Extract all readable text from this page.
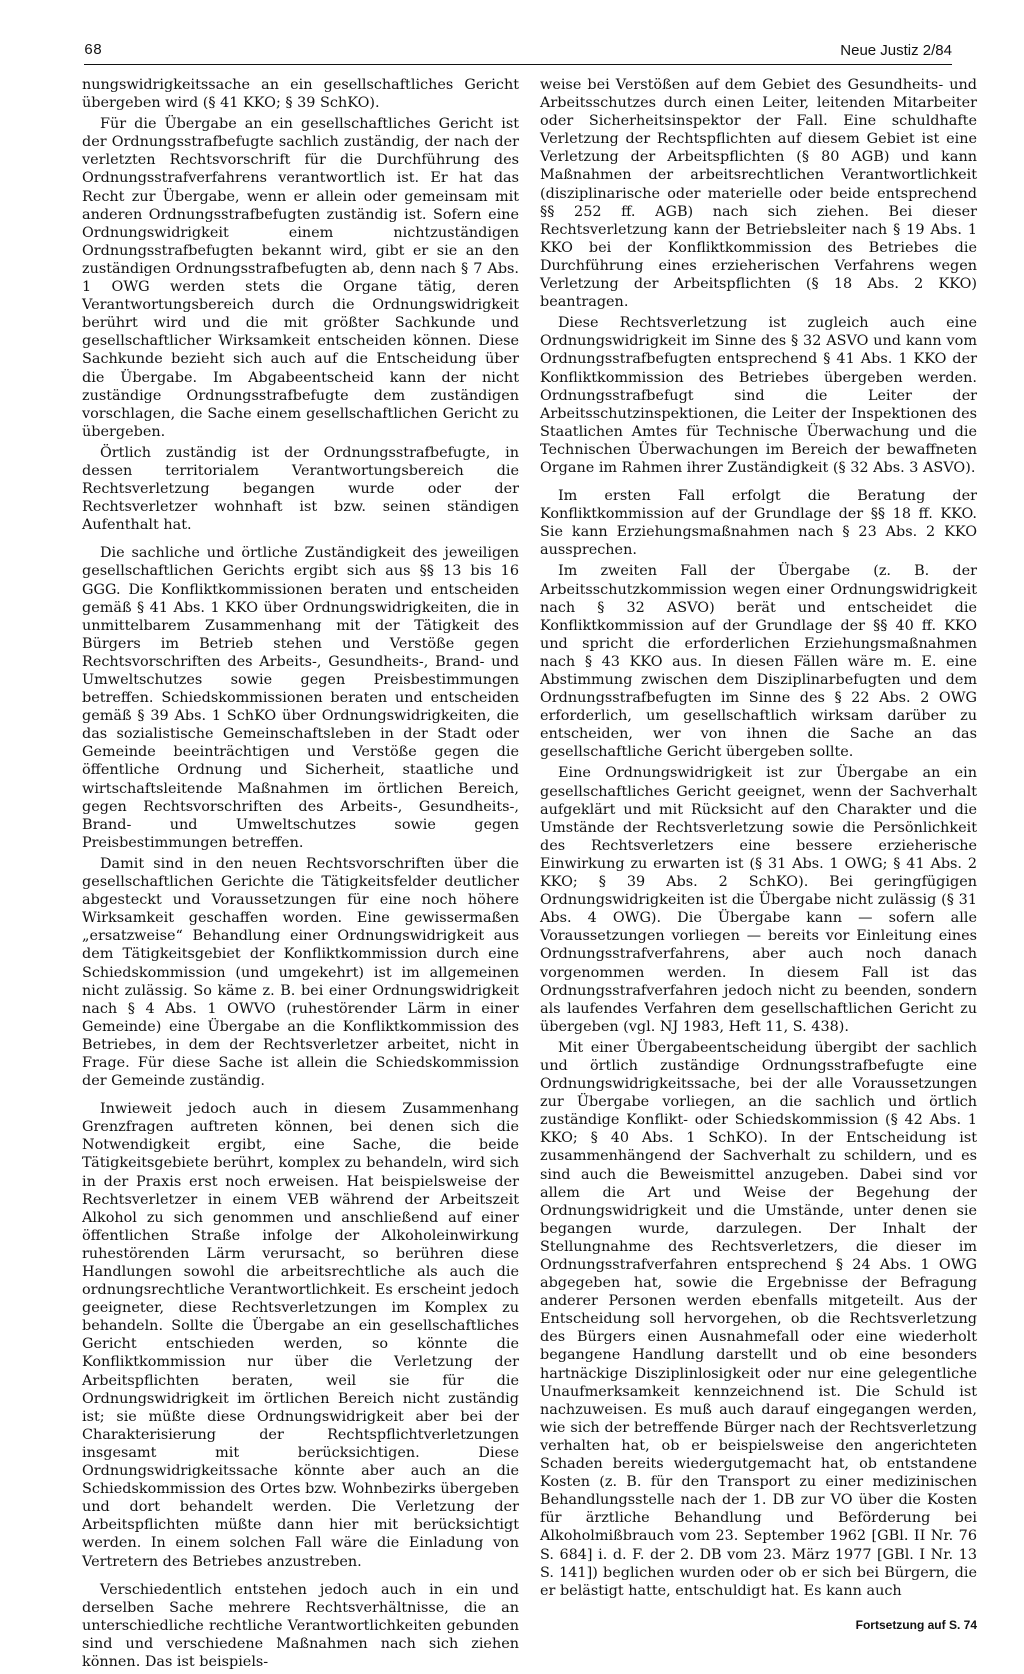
68	Neue Justiz 2/84

nungswidrigkeitssache an ein gesellschaftliches Gericht übergeben wird (§ 41 KKO; § 39 SchKO).

Für die Übergabe an ein gesellschaftliches Gericht ist der Ordnungsstrafbefugte sachlich zuständig, der nach der verletzten Rechtsvorschrift für die Durchführung des Ordnungsstrafverfahrens verantwortlich ist. Er hat das Recht zur Übergabe, wenn er allein oder gemeinsam mit anderen Ordnungsstrafbefugten zuständig ist. Sofern eine Ordnungswidrigkeit einem nichtzuständigen Ordnungsstrafbefugten bekannt wird, gibt er sie an den zuständigen Ordnungsstrafbefugten ab, denn nach § 7 Abs. 1 OWG werden stets die Organe tätig, deren Verantwortungsbereich durch die Ordnungswidrigkeit berührt wird und die mit größter Sachkunde und gesellschaftlicher Wirksamkeit entscheiden können. Diese Sachkunde bezieht sich auch auf die Entscheidung über die Übergabe. Im Abgabeentscheid kann der nicht zuständige Ordnungsstrafbefugte dem zuständigen vorschlagen, die Sache einem gesellschaftlichen Gericht zu übergeben.

Örtlich zuständig ist der Ordnungsstrafbefugte, in dessen territorialem Verantwortungsbereich die Rechtsverletzung begangen wurde oder der Rechtsverletzer wohnhaft ist bzw. seinen ständigen Aufenthalt hat.

Die sachliche und örtliche Zuständigkeit des jeweiligen gesellschaftlichen Gerichts ergibt sich aus §§ 13 bis 16 GGG. Die Konfliktkommissionen beraten und entscheiden gemäß § 41 Abs. 1 KKO über Ordnungswidrigkeiten, die in unmittelbarem Zusammenhang mit der Tätigkeit des Bürgers im Betrieb stehen und Verstöße gegen Rechtsvorschriften des Arbeits-, Gesundheits-, Brand- und Umweltschutzes sowie gegen Preisbestimmungen betreffen. Schiedskommissionen beraten und entscheiden gemäß § 39 Abs. 1 SchKO über Ordnungswidrigkeiten, die das sozialistische Gemeinschaftsleben in der Stadt oder Gemeinde beeinträchtigen und Verstöße gegen die öffentliche Ordnung und Sicherheit, staatliche und wirtschaftsleitende Maßnahmen im örtlichen Bereich, gegen Rechtsvorschriften des Arbeits-, Gesundheits-, Brand- und Umweltschutzes sowie gegen Preisbestimmungen betreffen.

Damit sind in den neuen Rechtsvorschriften über die gesellschaftlichen Gerichte die Tätigkeitsfelder deutlicher abgesteckt und Voraussetzungen für eine noch höhere Wirksamkeit geschaffen worden. Eine gewissermaßen „ersatzweise“ Behandlung einer Ordnungswidrigkeit aus dem Tätigkeitsgebiet der Konfliktkommission durch eine Schiedskommission (und umgekehrt) ist im allgemeinen nicht zulässig. So käme z. B. bei einer Ordnungswidrigkeit nach § 4 Abs. 1 OWVO (ruhestörender Lärm in einer Gemeinde) eine Übergabe an die Konfliktkommission des Betriebes, in dem der Rechtsverletzer arbeitet, nicht in Frage. Für diese Sache ist allein die Schiedskommission der Gemeinde zuständig.

Inwieweit jedoch auch in diesem Zusammenhang Grenzfragen auftreten können, bei denen sich die Notwendigkeit ergibt, eine Sache, die beide Tätigkeitsgebiete berührt, komplex zu behandeln, wird sich in der Praxis erst noch erweisen. Hat beispielsweise der Rechtsverletzer in einem VEB während der Arbeitszeit Alkohol zu sich genommen und anschließend auf einer öffentlichen Straße infolge der Alkoholeinwirkung ruhestörenden Lärm verursacht, so berühren diese Handlungen sowohl die arbeitsrechtliche als auch die ordnungsrechtliche Verantwortlichkeit. Es erscheint jedoch geeigneter, diese Rechtsverletzungen im Komplex zu behandeln. Sollte die Übergabe an ein gesellschaftliches Gericht entschieden werden, so könnte die Konfliktkommission nur über die Verletzung der Arbeitspflichten beraten, weil sie für die Ordnungswidrigkeit im örtlichen Bereich nicht zuständig ist; sie müßte diese Ordnungswidrigkeit aber bei der Charakterisierung der Rechtspflichtverletzungen insgesamt mit berücksichtigen. Diese Ordnungswidrigkeitssache könnte aber auch an die Schiedskommission des Ortes bzw. Wohnbezirks übergeben und dort behandelt werden. Die Verletzung der Arbeitspflichten müßte dann hier mit berücksichtigt werden. In einem solchen Fall wäre die Einladung von Vertretern des Betriebes anzustreben.

Verschiedentlich entstehen jedoch auch in ein und derselben Sache mehrere Rechtsverhältnisse, die an unterschiedliche rechtliche Verantwortlichkeiten gebunden sind und verschiedene Maßnahmen nach sich ziehen können. Das ist beispiels-

weise bei Verstößen auf dem Gebiet des Gesundheits- und Arbeitsschutzes durch einen Leiter, leitenden Mitarbeiter oder Sicherheitsinspektor der Fall. Eine schuldhafte Verletzung der Rechtspflichten auf diesem Gebiet ist eine Verletzung der Arbeitspflichten (§ 80 AGB) und kann Maßnahmen der arbeitsrechtlichen Verantwortlichkeit (disziplinarische oder materielle oder beide entsprechend §§ 252 ff. AGB) nach sich ziehen. Bei dieser Rechtsverletzung kann der Betriebsleiter nach § 19 Abs. 1 KKO bei der Konfliktkommission des Betriebes die Durchführung eines erzieherischen Verfahrens wegen Verletzung der Arbeitspflichten (§ 18 Abs. 2 KKO) beantragen.

Diese Rechtsverletzung ist zugleich auch eine Ordnungswidrigkeit im Sinne des § 32 ASVO und kann vom Ordnungsstrafbefugten entsprechend § 41 Abs. 1 KKO der Konfliktkommission des Betriebes übergeben werden. Ordnungsstrafbefugt sind die Leiter der Arbeitsschutzinspektionen, die Leiter der Inspektionen des Staatlichen Amtes für Technische Überwachung und die Technischen Überwachungen im Bereich der bewaffneten Organe im Rahmen ihrer Zuständigkeit (§ 32 Abs. 3 ASVO).

Im ersten Fall erfolgt die Beratung der Konfliktkommission auf der Grundlage der §§ 18 ff. KKO. Sie kann Erziehungsmaßnahmen nach § 23 Abs. 2 KKO aussprechen.

Im zweiten Fall der Übergabe (z. B. der Arbeitsschutzkommission wegen einer Ordnungswidrigkeit nach § 32 ASVO) berät und entscheidet die Konfliktkommission auf der Grundlage der §§ 40 ff. KKO und spricht die erforderlichen Erziehungsmaßnahmen nach § 43 KKO aus. In diesen Fällen wäre m. E. eine Abstimmung zwischen dem Disziplinarbefugten und dem Ordnungsstrafbefugten im Sinne des § 22 Abs. 2 OWG erforderlich, um gesellschaftlich wirksam darüber zu entscheiden, wer von ihnen die Sache an das gesellschaftliche Gericht übergeben sollte.

Eine Ordnungswidrigkeit ist zur Übergabe an ein gesellschaftliches Gericht geeignet, wenn der Sachverhalt aufgeklärt und mit Rücksicht auf den Charakter und die Umstände der Rechtsverletzung sowie die Persönlichkeit des Rechtsverletzers eine bessere erzieherische Einwirkung zu erwarten ist (§ 31 Abs. 1 OWG; § 41 Abs. 2 KKO; § 39 Abs. 2 SchKO). Bei geringfügigen Ordnungswidrigkeiten ist die Übergabe nicht zulässig (§ 31 Abs. 4 OWG). Die Übergabe kann — sofern alle Voraussetzungen vorliegen — bereits vor Einleitung eines Ordnungsstrafverfahrens, aber auch noch danach vorgenommen werden. In diesem Fall ist das Ordnungsstrafverfahren jedoch nicht zu beenden, sondern als laufendes Verfahren dem gesellschaftlichen Gericht zu übergeben (vgl. NJ 1983, Heft 11, S. 438).

Mit einer Übergabeentscheidung übergibt der sachlich und örtlich zuständige Ordnungsstrafbefugte eine Ordnungswidrigkeitssache, bei der alle Voraussetzungen zur Übergabe vorliegen, an die sachlich und örtlich zuständige Konflikt- oder Schiedskommission (§ 42 Abs. 1 KKO; § 40 Abs. 1 SchKO). In der Entscheidung ist zusammenhängend der Sachverhalt zu schildern, und es sind auch die Beweismittel anzugeben. Dabei sind vor allem die Art und Weise der Begehung der Ordnungswidrigkeit und die Umstände, unter denen sie begangen wurde, darzulegen. Der Inhalt der Stellungnahme des Rechtsverletzers, die dieser im Ordnungsstrafverfahren entsprechend § 24 Abs. 1 OWG abgegeben hat, sowie die Ergebnisse der Befragung anderer Personen werden ebenfalls mitgeteilt. Aus der Entscheidung soll hervorgehen, ob die Rechtsverletzung des Bürgers einen Ausnahmefall oder eine wiederholt begangene Handlung darstellt und ob eine besonders hartnäckige Disziplinlosigkeit oder nur eine gelegentliche Unaufmerksamkeit kennzeichnend ist. Die Schuld ist nachzuweisen. Es muß auch darauf eingegangen werden, wie sich der betreffende Bürger nach der Rechtsverletzung verhalten hat, ob er beispielsweise den angerichteten Schaden bereits wiedergutgemacht hat, ob entstandene Kosten (z. B. für den Transport zu einer medizinischen Behandlungsstelle nach der 1. DB zur VO über die Kosten für ärztliche Behandlung und Beförderung bei Alkoholmißbrauch vom 23. September 1962 [GBl. II Nr. 76 S. 684] i. d. F. der 2. DB vom 23. März 1977 [GBl. I Nr. 13 S. 141]) beglichen wurden oder ob er sich bei Bürgern, die er belästigt hatte, entschuldigt hat. Es kann auch

Fortsetzung auf S. 74
